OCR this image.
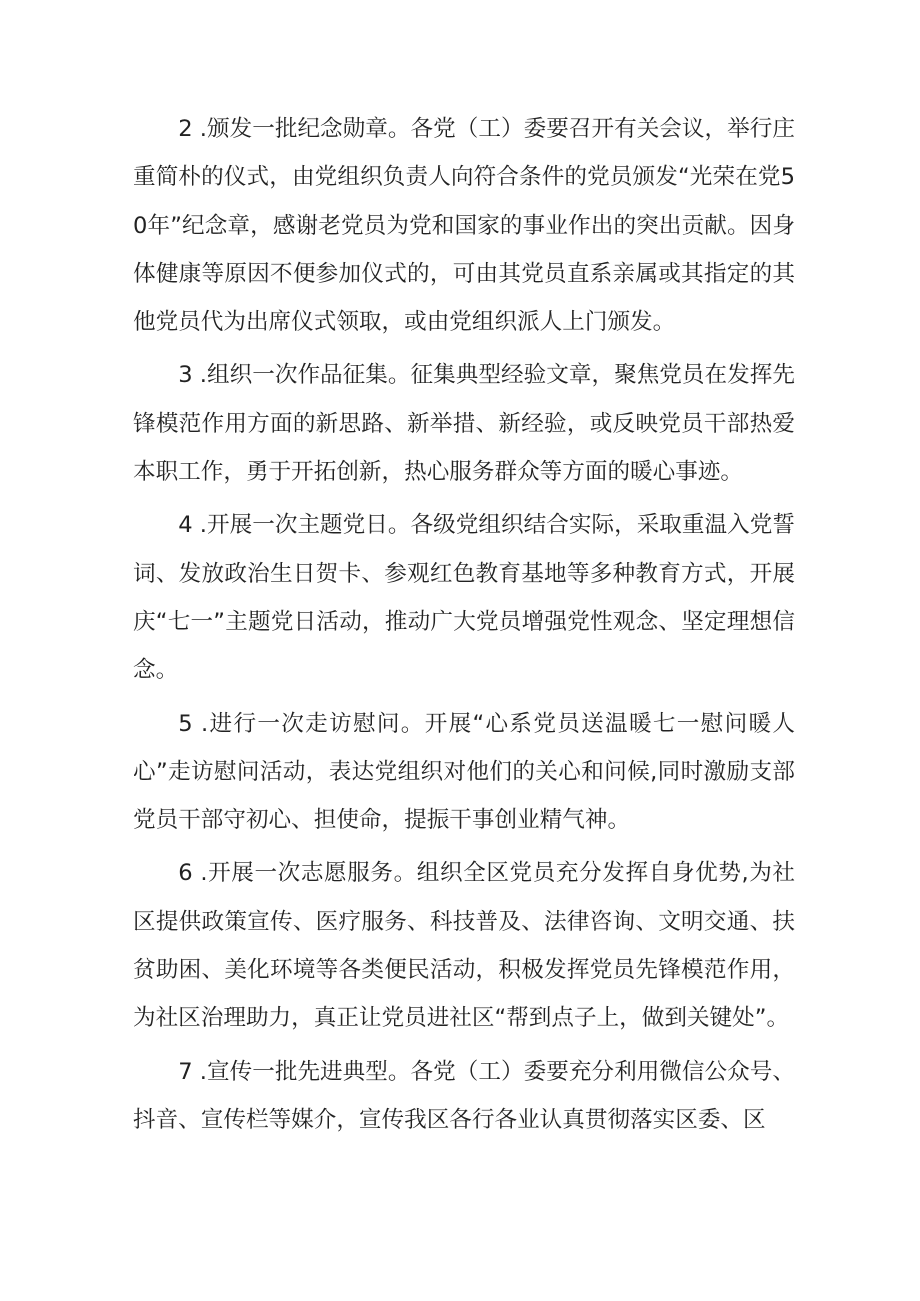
2 .颁发一批纪念勋章。各党（工）委要召开有关会议，举行庄重简朴的仪式，由党组织负责人向符合条件的党员颁发“光荣在党50年”纪念章，感谢老党员为党和国家的事业作出的突出贡献。因身体健康等原因不便参加仪式的，可由其党员直系亲属或其指定的其他党员代为出席仪式领取，或由党组织派人上门颁发。

3 .组织一次作品征集。征集典型经验文章，聚焦党员在发挥先锋模范作用方面的新思路、新举措、新经验，或反映党员干部热爱本职工作，勇于开拓创新，热心服务群众等方面的暖心事迹。

4 .开展一次主题党日。各级党组织结合实际，采取重温入党誓词、发放政治生日贺卡、参观红色教育基地等多种教育方式，开展庆“七一”主题党日活动，推动广大党员增强党性观念、坚定理想信念。

5 .进行一次走访慰问。开展“心系党员送温暖七一慰问暖人心”走访慰问活动，表达党组织对他们的关心和问候,同时激励支部党员干部守初心、担使命，提振干事创业精气神。

6 .开展一次志愿服务。组织全区党员充分发挥自身优势,为社区提供政策宣传、医疗服务、科技普及、法律咨询、文明交通、扶贫助困、美化环境等各类便民活动，积极发挥党员先锋模范作用，为社区治理助力，真正让党员进社区“帮到点子上，做到关键处”。

7 .宣传一批先进典型。各党（工）委要充分利用微信公众号、抖音、宣传栏等媒介，宣传我区各行各业认真贯彻落实区委、区
